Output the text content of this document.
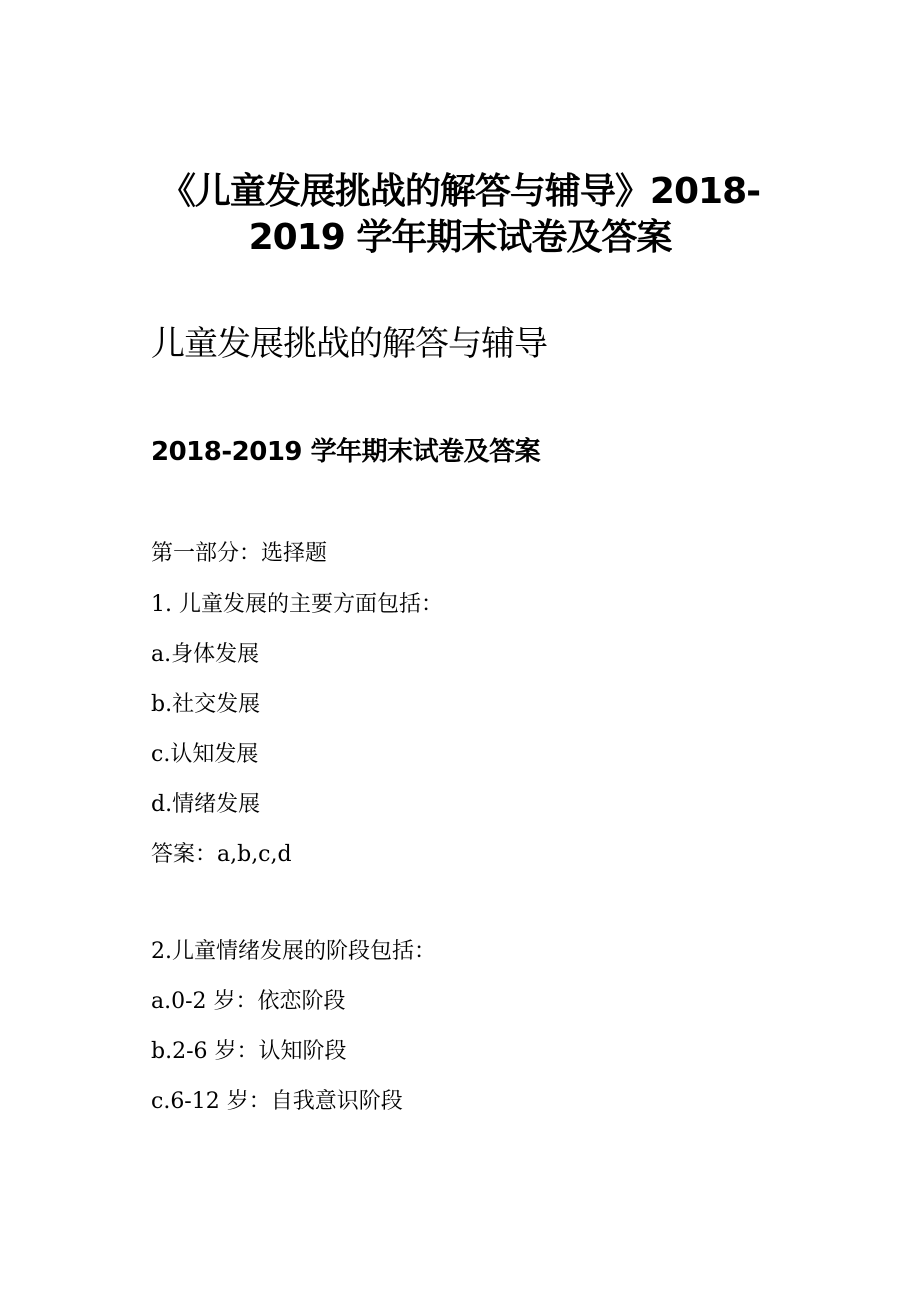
《儿童发展挑战的解答与辅导》2018-
2019 学年期末试卷及答案
儿童发展挑战的解答与辅导
2018-2019 学年期末试卷及答案

第一部分：选择题

1. 儿童发展的主要方面包括：

a.身体发展

b.社交发展

c.认知发展

d.情绪发展

答案：a,b,c,d

2.儿童情绪发展的阶段包括：

a.0-2 岁：依恋阶段

b.2-6 岁：认知阶段

c.6-12 岁：自我意识阶段
